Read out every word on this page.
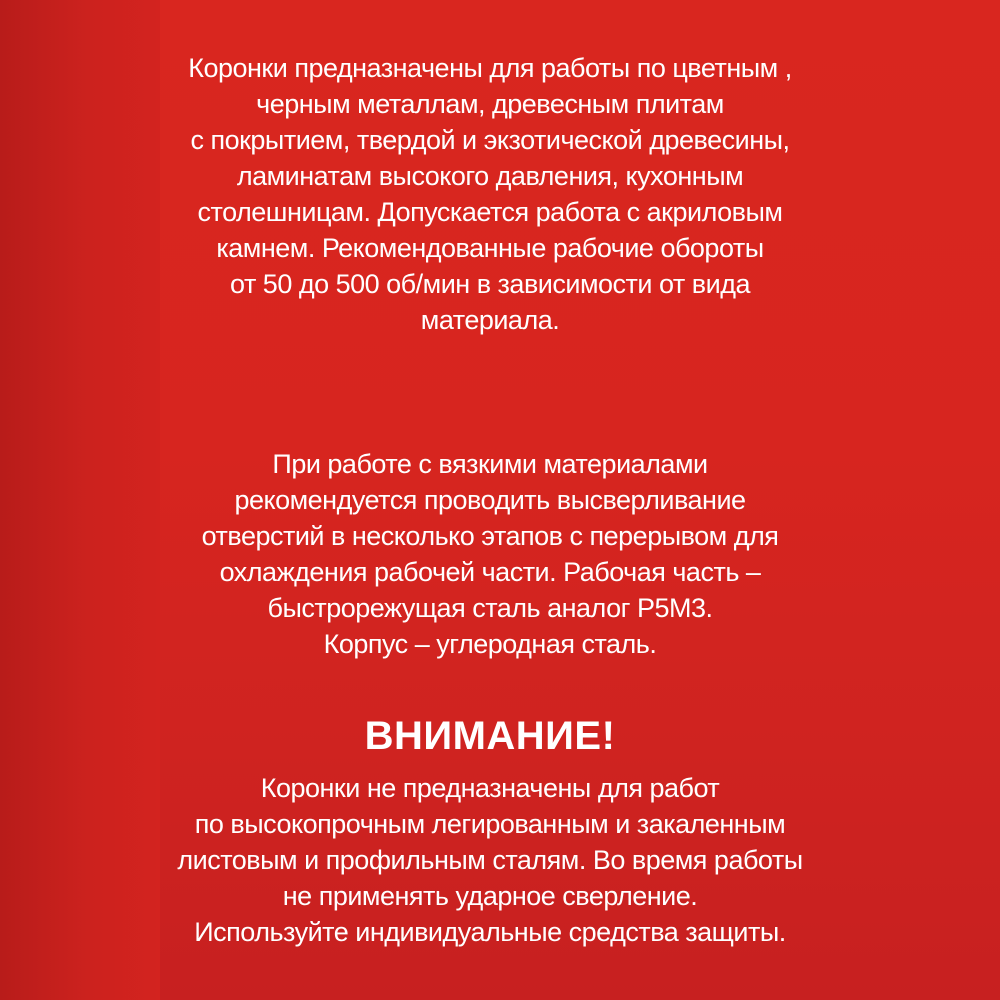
Коронки предназначены для работы по цветным ,
черным металлам, древесным плитам
с покрытием, твердой и экзотической древесины,
ламинатам высокого давления, кухонным
столешницам. Допускается работа с акриловым
камнем. Рекомендованные рабочие обороты
от 50 до 500 об/мин в зависимости от вида
материала.
При работе с вязкими материалами
рекомендуется проводить высверливание
отверстий в несколько этапов с перерывом для
охлаждения рабочей части. Рабочая часть –
быстрорежущая сталь аналог Р5М3.
Корпус – углеродная сталь.
ВНИМАНИЕ!
Коронки не предназначены для работ
по высокопрочным легированным и закаленным
листовым и профильным сталям. Во время работы
не применять ударное сверление.
Используйте индивидуальные средства защиты.
